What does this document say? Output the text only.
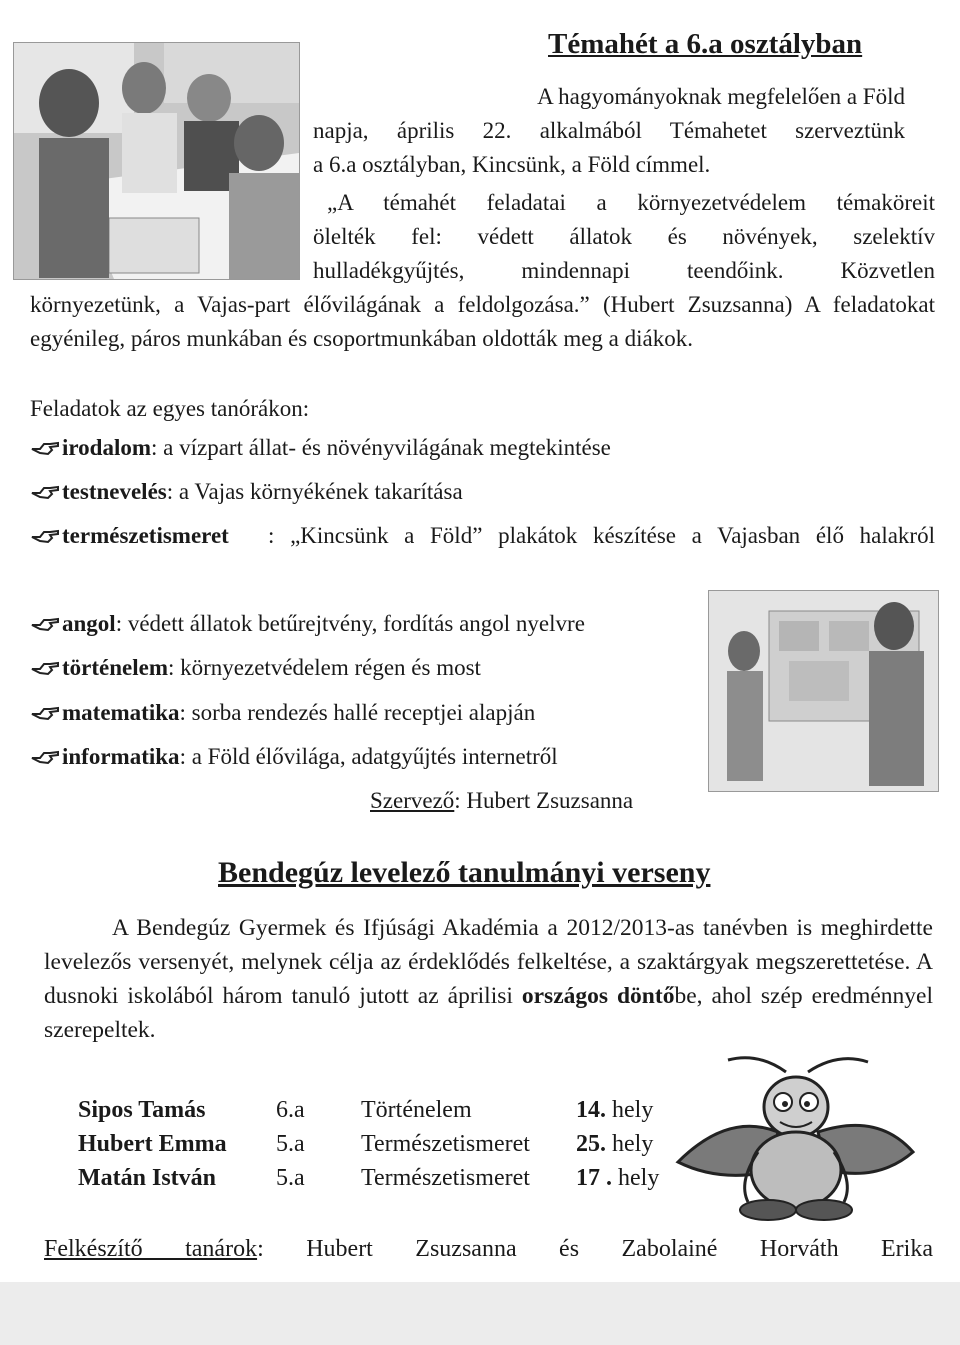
Témahét a 6.a osztályban
A hagyományoknak megfelelően a Föld
napja, április 22. alkalmából Témahetet szerveztünk
a 6.a osztályban, Kincsünk, a Föld címmel.
„A témahét feladatai a környezetvédelem témaköreit
ölelték fel: védett állatok és növények, szelektív
hulladékgyűjtés, mindennapi teendőink. Közvetlen
környezetünk, a Vajas-part élővilágának a feldolgozása.” (Hubert Zsuzsanna) A feladatokat egyénileg, páros munkában és csoportmunkában oldották meg a diákok.
Feladatok az egyes tanórákon:
irodalom: a vízpart állat- és növényvilágának megtekintése
testnevelés: a Vajas környékének takarítása
természetismeret : „Kincsünk a Föld” plakátok készítése a Vajasban élő halakról
angol: védett állatok betűrejtvény, fordítás angol nyelvre
történelem: környezetvédelem régen és most
matematika: sorba rendezés hallé receptjei alapján
informatika: a Föld élővilága, adatgyűjtés internetről
Szervező: Hubert Zsuzsanna
Bendegúz levelező tanulmányi verseny
A Bendegúz Gyermek és Ifjúsági Akadémia a 2012/2013-as tanévben is meghirdette levelezős versenyét, melynek célja az érdeklődés felkeltése, a szaktárgyak megszerettetése. A dusnoki iskolából három tanuló jutott az áprilisi országos döntőbe, ahol szép eredménnyel szerepeltek.
Sipos Tamás	6.a	Történelem	14. hely
Hubert Emma	5.a	Természetismeret	25. hely
Matán István	5.a	Természetismeret	17 . hely
Felkészítő tanárok: Hubert Zsuzsanna és Zabolainé Horváth Erika
